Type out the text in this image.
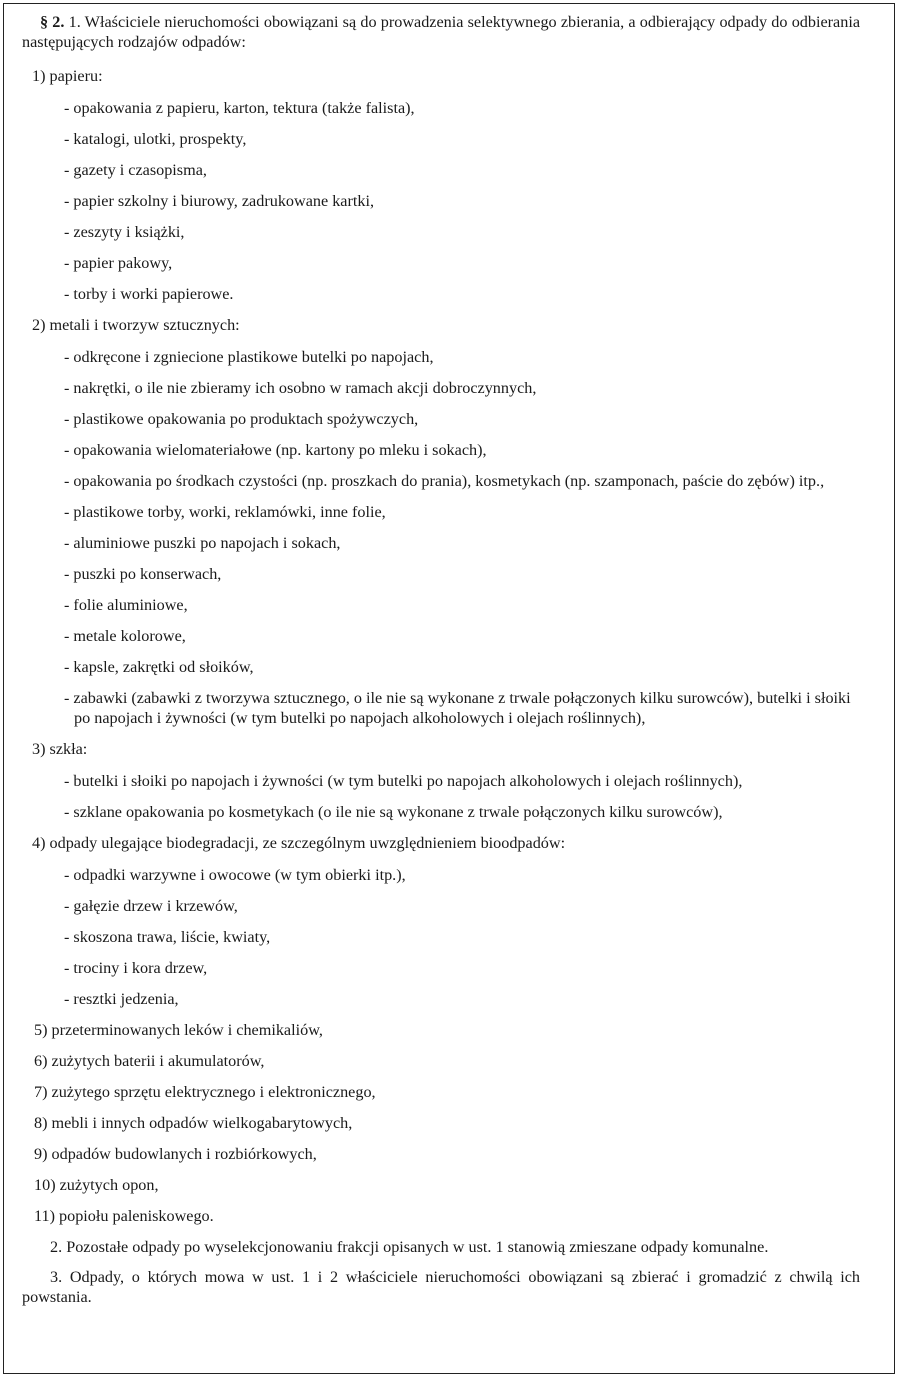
§ 2. 1. Właściciele nieruchomości obowiązani są do prowadzenia selektywnego zbierania, a odbierający odpady do odbierania następujących rodzajów odpadów:

1) papieru:
- opakowania z papieru, karton, tektura (także falista),
- katalogi, ulotki, prospekty,
- gazety i czasopisma,
- papier szkolny i biurowy, zadrukowane kartki,
- zeszyty i książki,
- papier pakowy,
- torby i worki papierowe.
2) metali i tworzyw sztucznych:
- odkręcone i zgniecione plastikowe butelki po napojach,
- nakrętki, o ile nie zbieramy ich osobno w ramach akcji dobroczynnych,
- plastikowe opakowania po produktach spożywczych,
- opakowania wielomateriałowe (np. kartony po mleku i sokach),
- opakowania po środkach czystości (np. proszkach do prania), kosmetykach (np. szamponach, paście do zębów) itp.,
- plastikowe torby, worki, reklamówki, inne folie,
- aluminiowe puszki po napojach i sokach,
- puszki po konserwach,
- folie aluminiowe,
- metale kolorowe,
- kapsle, zakrętki od słoików,
- zabawki (zabawki z tworzywa sztucznego, o ile nie są wykonane z trwale połączonych kilku surowców), butelki i słoiki po napojach i żywności (w tym butelki po napojach alkoholowych i olejach roślinnych),
3) szkła:
- butelki i słoiki po napojach i żywności (w tym butelki po napojach alkoholowych i olejach roślinnych),
- szklane opakowania po kosmetykach (o ile nie są wykonane z trwale połączonych kilku surowców),
4) odpady ulegające biodegradacji, ze szczególnym uwzględnieniem bioodpadów:
- odpadki warzywne i owocowe (w tym obierki itp.),
- gałęzie drzew i krzewów,
- skoszona trawa, liście, kwiaty,
- trociny i kora drzew,
- resztki jedzenia,
5) przeterminowanych leków i chemikaliów,
6) zużytych baterii i akumulatorów,
7) zużytego sprzętu elektrycznego i elektronicznego,
8) mebli i innych odpadów wielkogabarytowych,
9) odpadów budowlanych i rozbiórkowych,
10) zużytych opon,
11) popiołu paleniskowego.

2. Pozostałe odpady po wyselekcjonowaniu frakcji opisanych w ust. 1 stanowią zmieszane odpady komunalne.

3. Odpady, o których mowa w ust. 1 i 2 właściciele nieruchomości obowiązani są zbierać i gromadzić z chwilą ich powstania.
